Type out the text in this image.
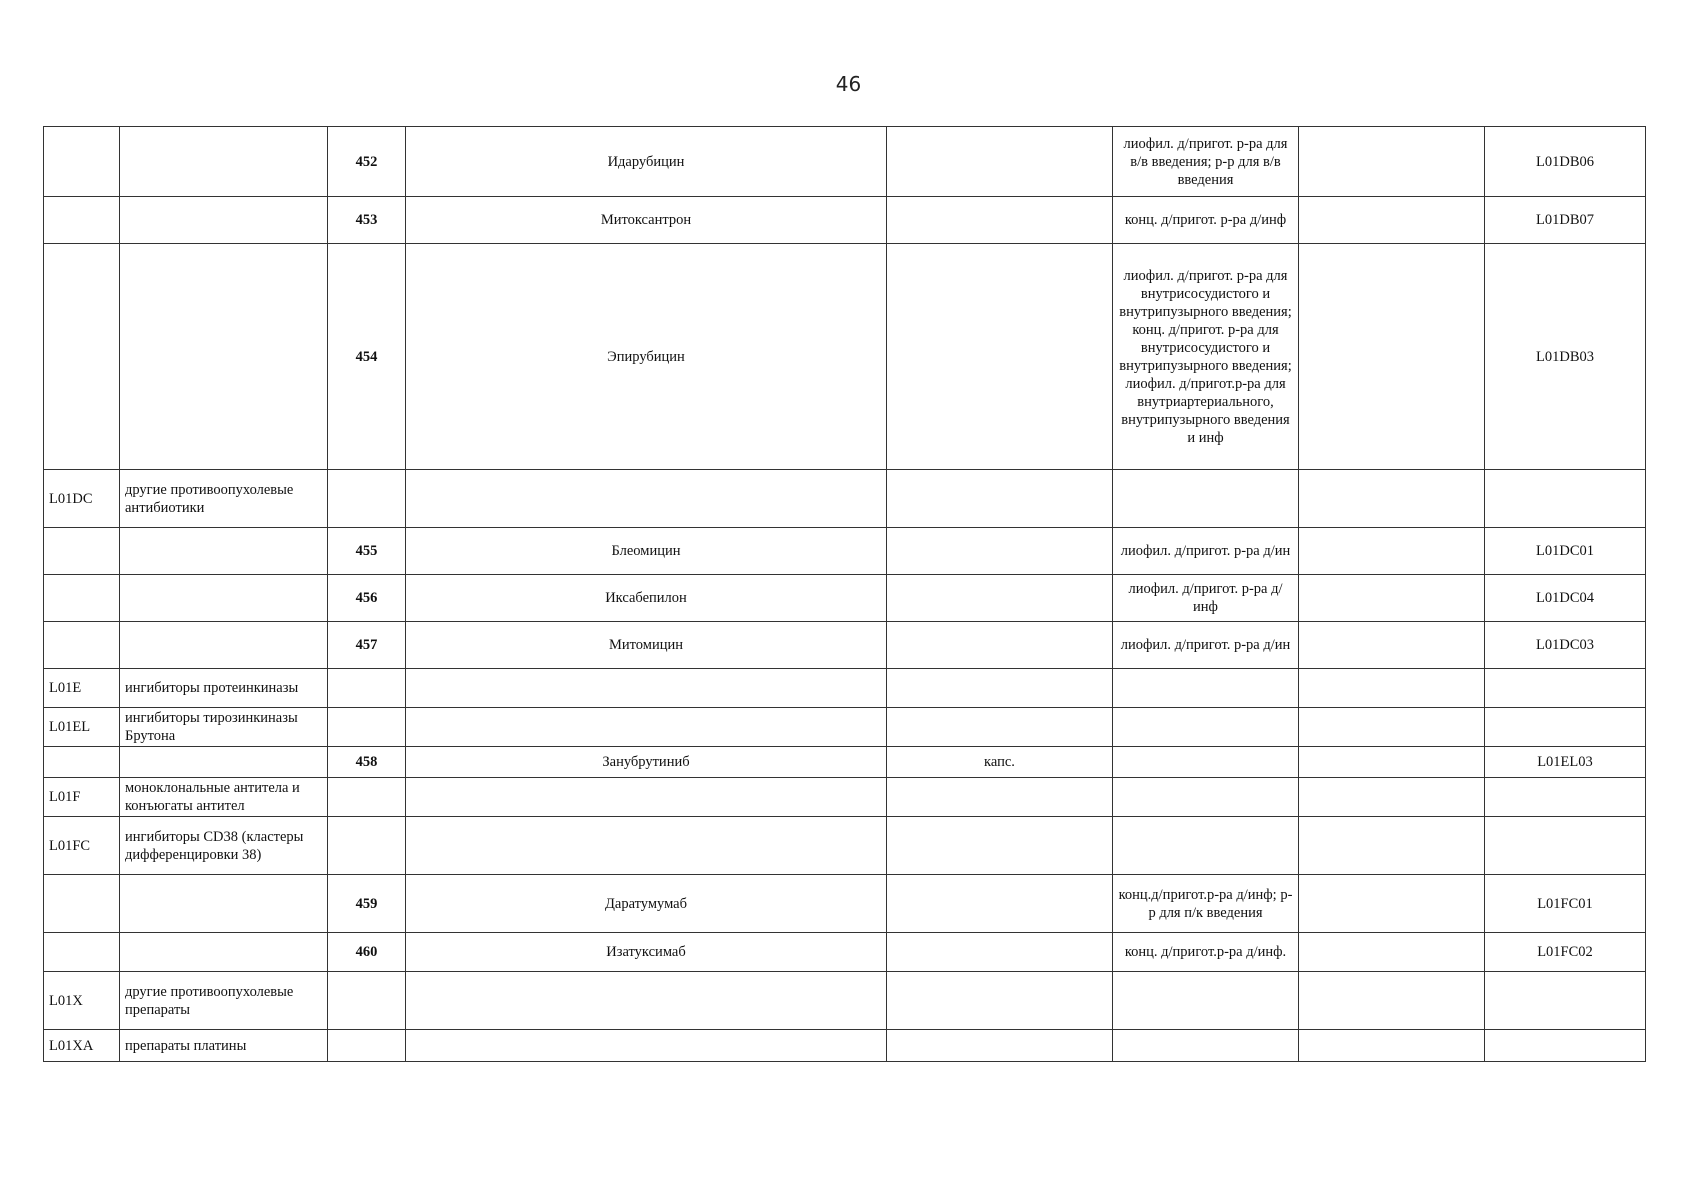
46
		452	Идарубицин		лиофил. д/пригот. р-ра для в/в введения; р-р для в/в введения		L01DB06
		453	Митоксантрон		конц. д/пригот. р-ра д/инф		L01DB07
		454	Эпирубицин		лиофил. д/пригот. р-ра для внутрисосудистого и внутрипузырного введения; конц. д/пригот. р-ра для внутрисосудистого и внутрипузырного введения; лиофил. д/пригот.р-ра для внутриартериального, внутрипузырного введения и инф		L01DB03
L01DC	другие противоопухолевые антибиотики						
		455	Блеомицин		лиофил. д/пригот. р-ра д/ин		L01DC01
		456	Иксабепилон		лиофил. д/пригот. р-ра д/инф		L01DC04
		457	Митомицин		лиофил. д/пригот. р-ра д/ин		L01DC03
L01E	ингибиторы протеинкиназы						
L01EL	ингибиторы тирозинкиназы Брутона						
		458	Занубрутиниб	капс.			L01EL03
L01F	моноклональные антитела и конъюгаты антител						
L01FC	ингибиторы CD38 (кластеры дифференцировки 38)						
		459	Даратумумаб		конц.д/пригот.р-ра д/инф; р-р для п/к введения		L01FC01
		460	Изатуксимаб		конц. д/пригот.р-ра д/инф.		L01FC02
L01X	другие противоопухолевые препараты						
L01XA	препараты платины						
